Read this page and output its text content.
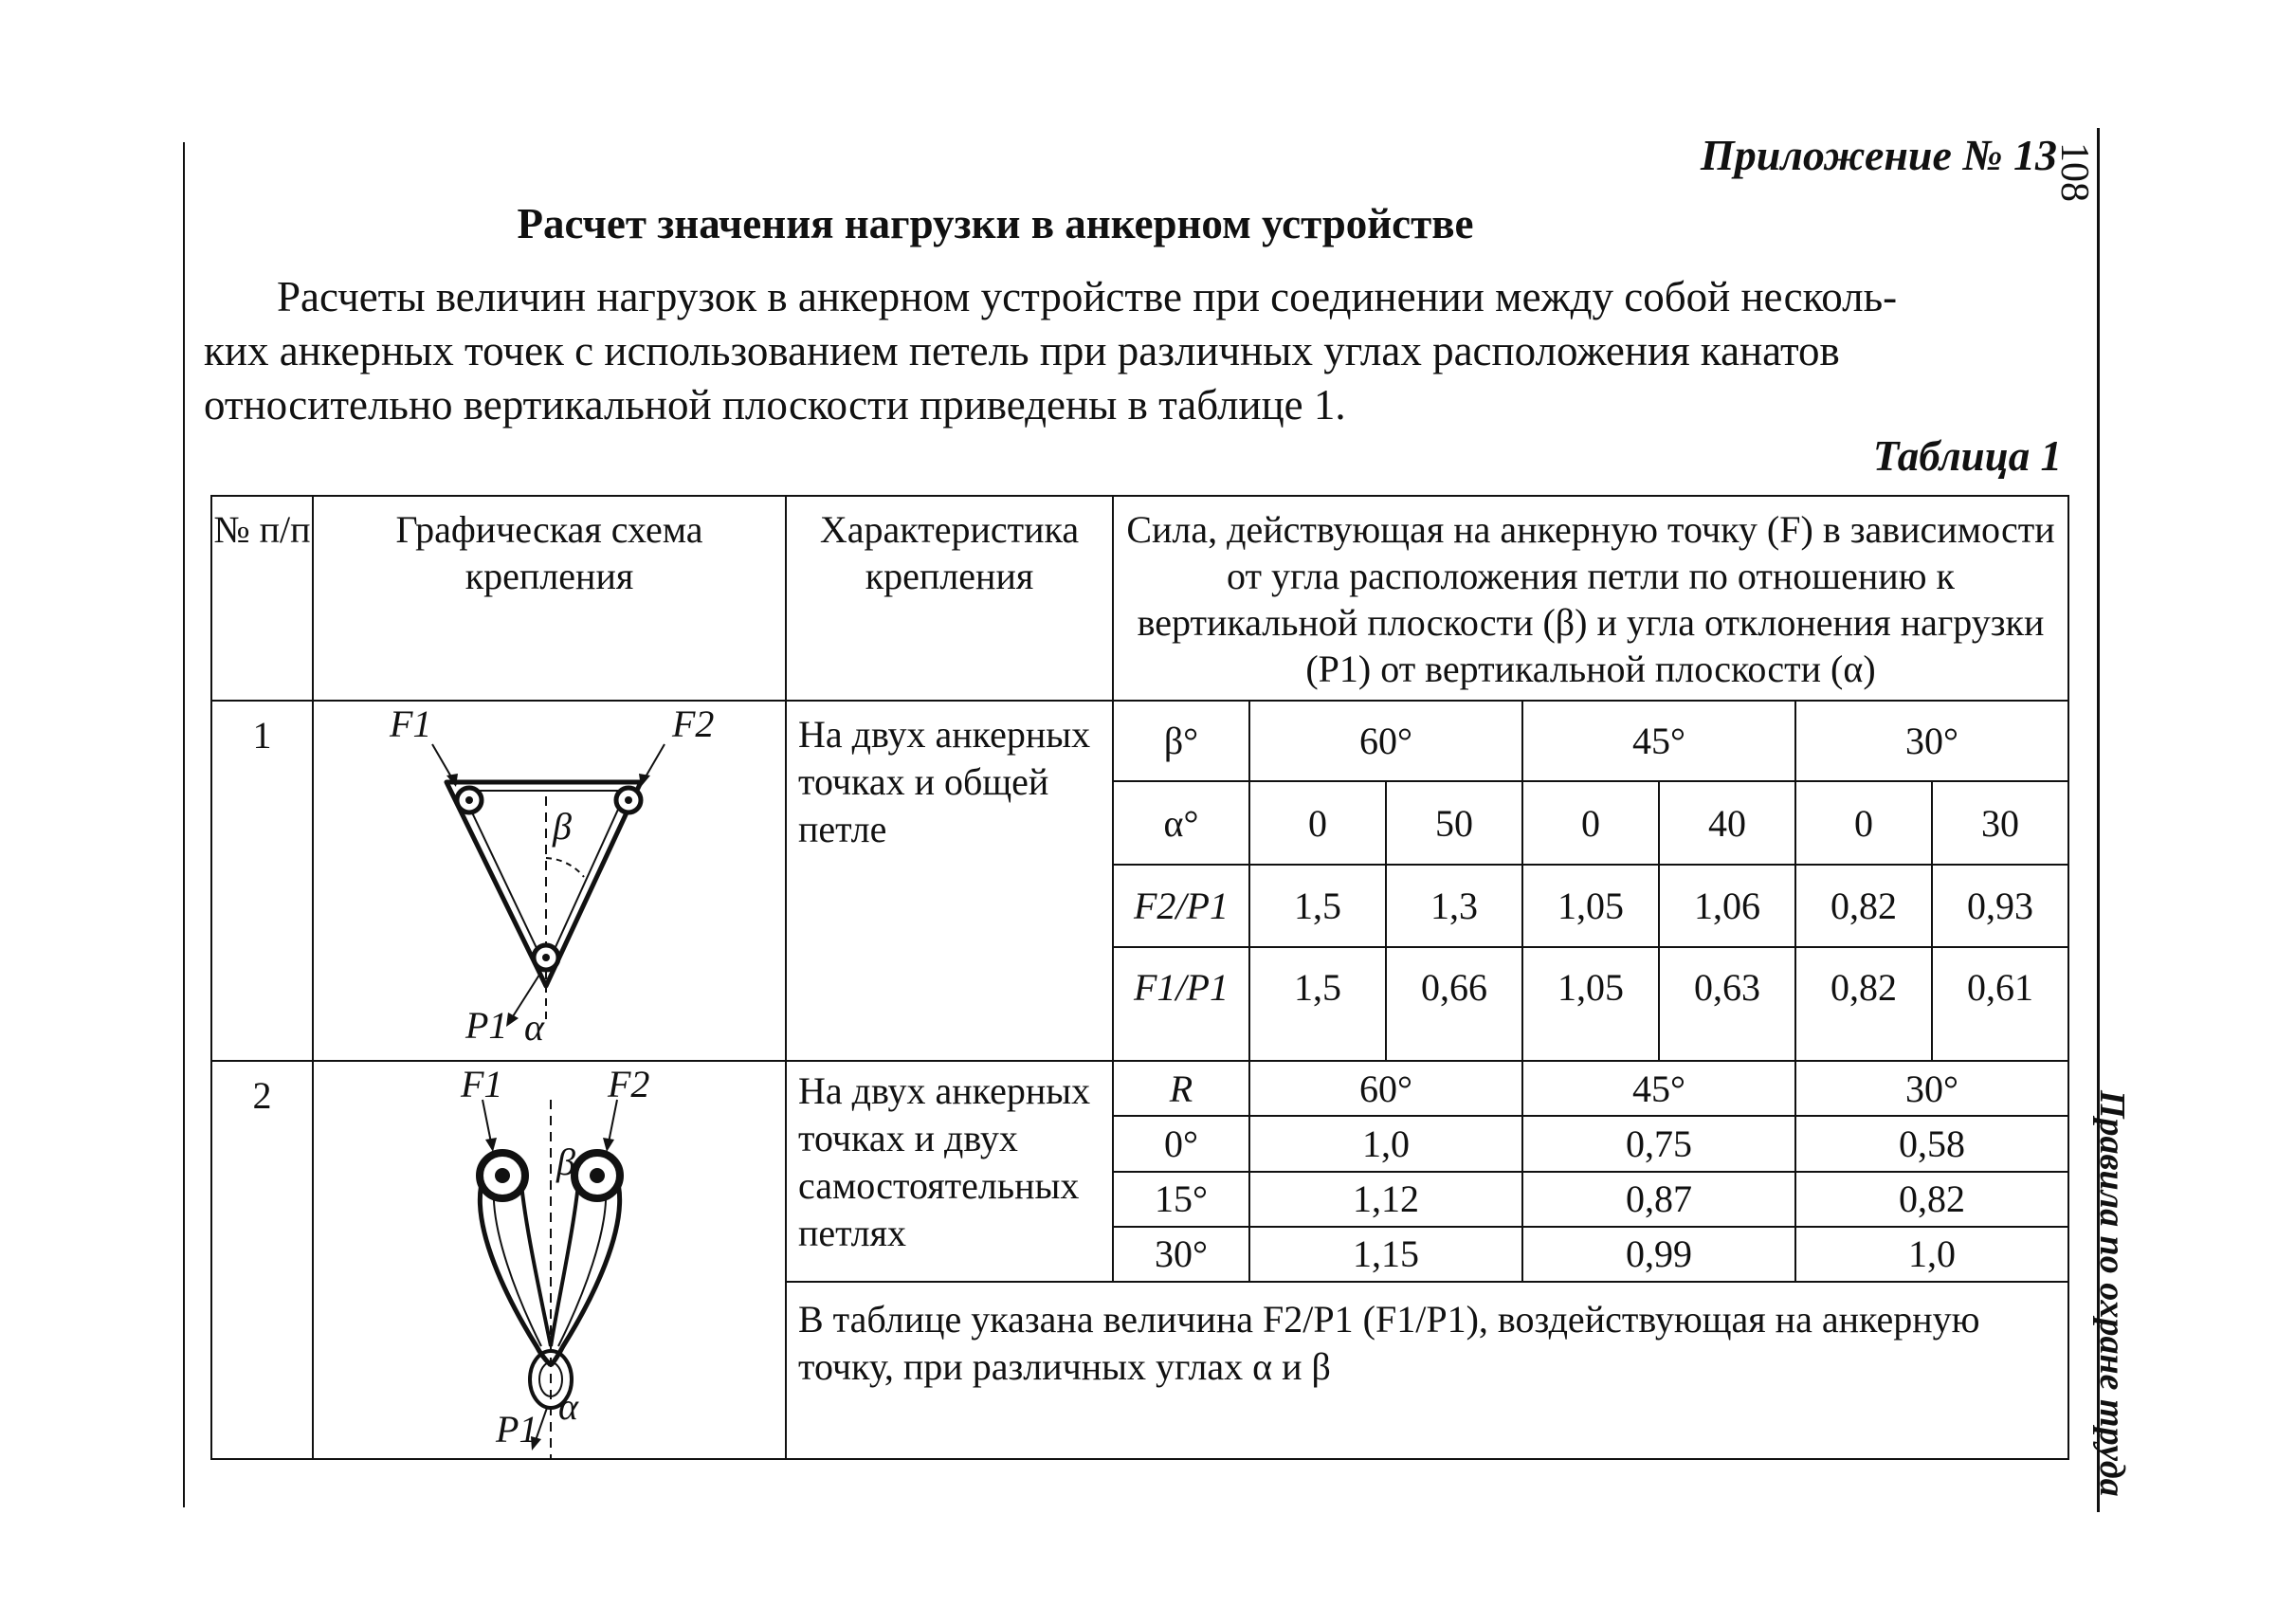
Приложение № 13
108
Правила по охране труда
Расчет значения нагрузки в анкерном устройстве
Расчеты величин нагрузок в анкерном устройстве при соединении между собой несколь-
ких анкерных точек с использованием петель при различных углах расположения канатов
относительно вертикальной плоскости приведены в таблице 1.
Таблица 1
№ п/п	Графическая схема крепления	Характеристика крепления	Сила, действующая на анкерную точку (F) в зависимости от угла расположения петли по отношению к вертикальной плоскости (β) и угла отклонения нагрузки (P1) от вертикальной плоскости (α)						
1	F1 F2
β
P1 α	На двух анкерных точках и общей петле	β°	60°		45°		30°	
			α°	0	50	0	40	0	30
			F2/P1	1,5	1,3	1,05	1,06	0,82	0,93
			F1/P1	1,5	0,66	1,05	0,63	0,82	0,61
2	F1 F2
β
P1
α	На двух анкерных точках и двух самостоятельных петлях	R	60°		45°		30°	
			0°	1,0		0,75		0,58	
			15°	1,12		0,87		0,82	
			30°	1,15		0,99		1,0	
		В таблице указана величина F2/P1 (F1/P1), воздействующая на анкерную точку, при различных углах α и β							
